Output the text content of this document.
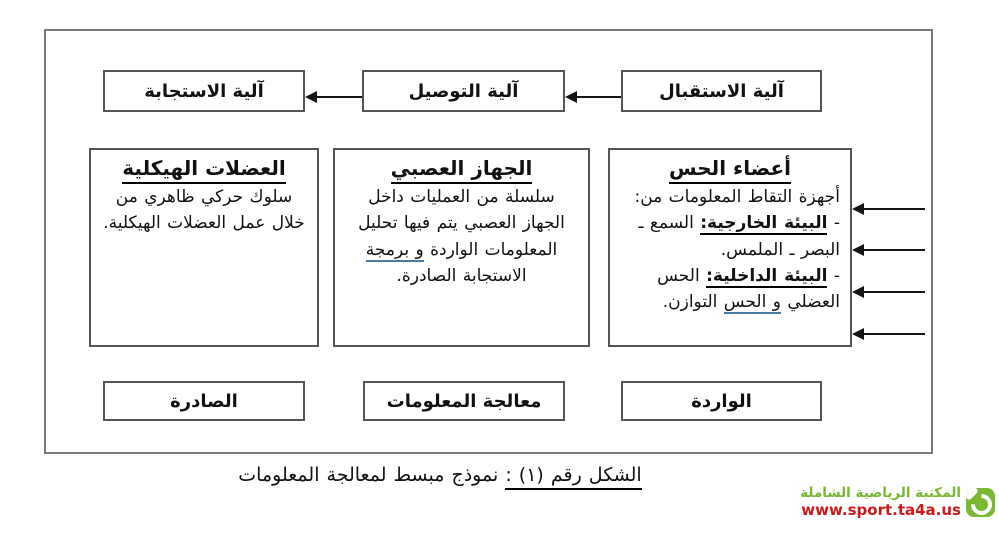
آلية الاستقبال
آلية التوصيل
آلية الاستجابة
أعضاء الحس
أجهزة التقاط المعلومات من:
- البيئة الخارجية: السمع ـ البصر ـ الملمس.
- البيئة الداخلية: الحس العضلي و الحس التوازن.
الجهاز العصبي
سلسلة من العمليات داخل الجهاز العصبي يتم فيها تحليل المعلومات الواردة و برمجة الاستجابة الصادرة.
العضلات الهيكلية
سلوك حركي ظاهري من خلال عمل العضلات الهيكلية.
الواردة
معالجة المعلومات
الصادرة
الشكل رقم (١) : نموذج مبسط لمعالجة المعلومات
المكتبة الرياضية الشاملة
www.sport.ta4a.us
